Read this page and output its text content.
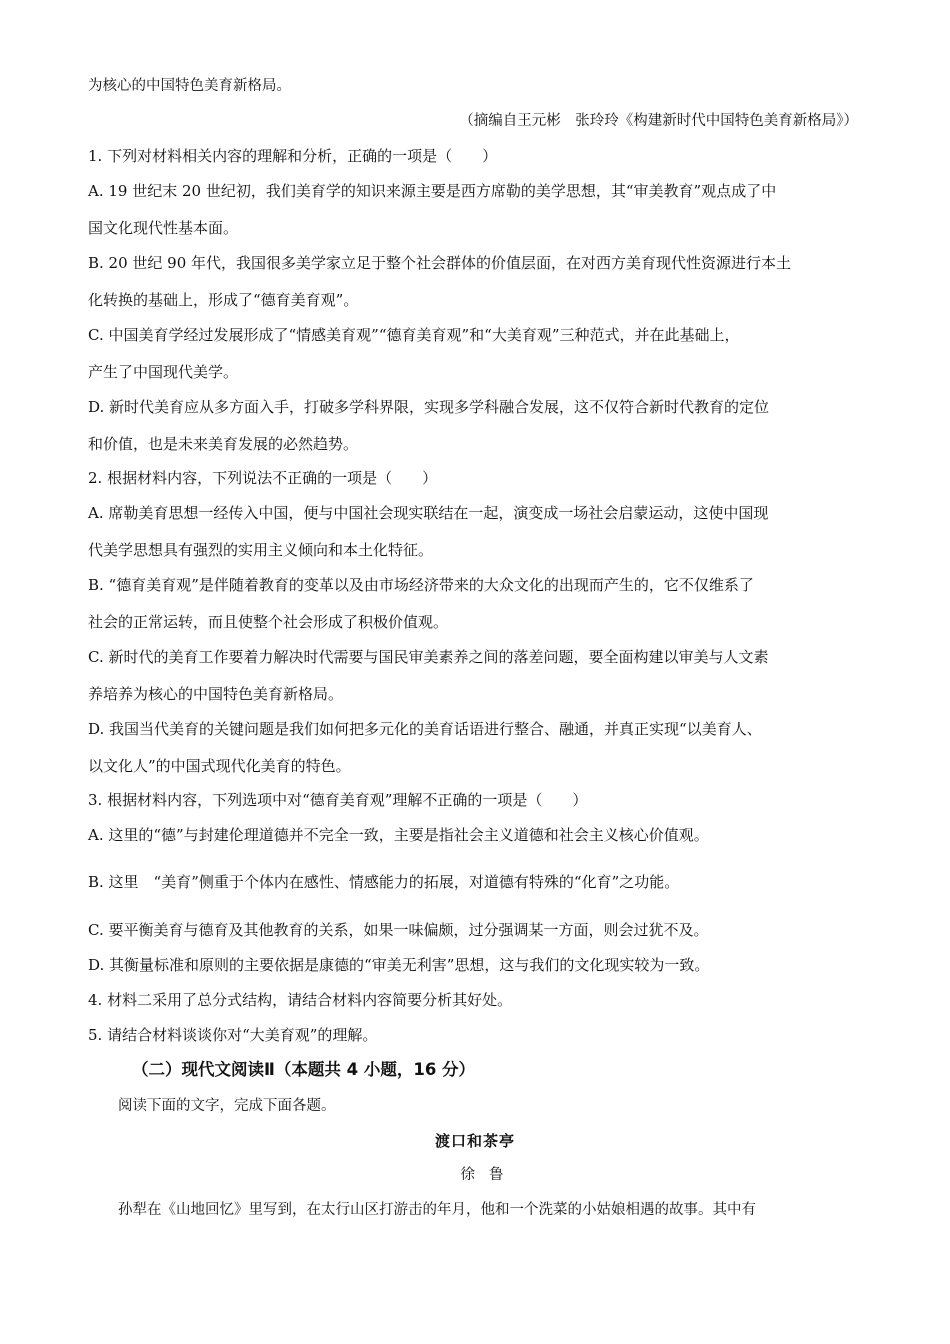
为核心的中国特色美育新格局。
（摘编自王元彬　张玲玲《构建新时代中国特色美育新格局》）
1. 下列对材料相关内容的理解和分析，正确的一项是（　　）
A. 19 世纪末 20 世纪初，我们美育学的知识来源主要是西方席勒的美学思想，其“审美教育”观点成了中
国文化现代性基本面。
B. 20 世纪 90 年代，我国很多美学家立足于整个社会群体的价值层面，在对西方美育现代性资源进行本土
化转换的基础上，形成了“德育美育观”。
C. 中国美育学经过发展形成了“情感美育观”“德育美育观”和“大美育观”三种范式，并在此基础上，
产生了中国现代美学。
D. 新时代美育应从多方面入手，打破多学科界限，实现多学科融合发展，这不仅符合新时代教育的定位
和价值，也是未来美育发展的必然趋势。
2. 根据材料内容，下列说法不正确的一项是（　　）
A. 席勒美育思想一经传入中国，便与中国社会现实联结在一起，演变成一场社会启蒙运动，这使中国现
代美学思想具有强烈的实用主义倾向和本土化特征。
B. “德育美育观”是伴随着教育的变革以及由市场经济带来的大众文化的出现而产生的，它不仅维系了
社会的正常运转，而且使整个社会形成了积极价值观。
C. 新时代的美育工作要着力解决时代需要与国民审美素养之间的落差问题，要全面构建以审美与人文素
养培养为核心的中国特色美育新格局。
D. 我国当代美育的关键问题是我们如何把多元化的美育话语进行整合、融通，并真正实现“以美育人、
以文化人”的中国式现代化美育的特色。
3. 根据材料内容，下列选项中对“德育美育观”理解不正确的一项是（　　）
A. 这里的“德”与封建伦理道德并不完全一致，主要是指社会主义道德和社会主义核心价值观。
B. 这里　“美育”侧重于个体内在感性、情感能力的拓展，对道德有特殊的“化育”之功能。
C. 要平衡美育与德育及其他教育的关系，如果一味偏颇，过分强调某一方面，则会过犹不及。
D. 其衡量标准和原则的主要依据是康德的“审美无利害”思想，这与我们的文化现实较为一致。
4. 材料二采用了总分式结构，请结合材料内容简要分析其好处。
5. 请结合材料谈谈你对“大美育观”的理解。
（二）现代文阅读Ⅱ（本题共 4 小题，16 分）
阅读下面的文字，完成下面各题。
渡口和茶亭
徐鲁
孙犁在《山地回忆》里写到，在太行山区打游击的年月，他和一个洗菜的小姑娘相遇的故事。其中有
